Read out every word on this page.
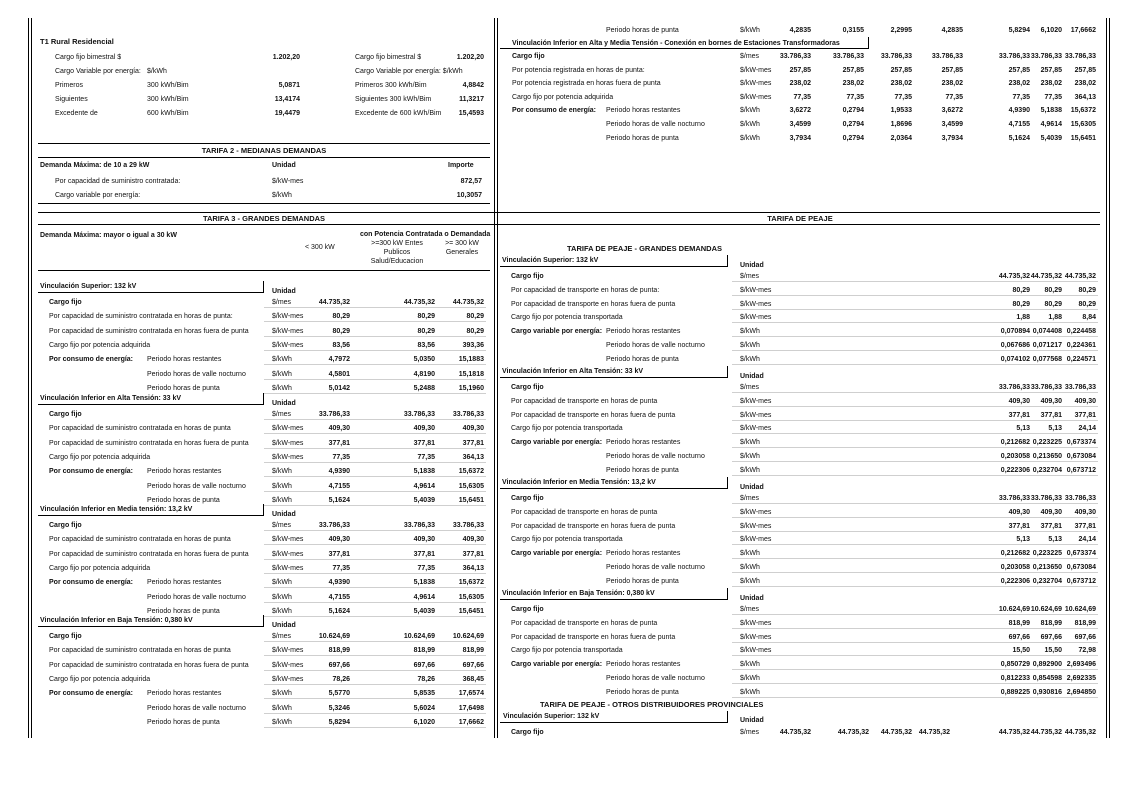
T1 Rural Residencial
Cargo fijo bimestral $	1.202,20
Cargo Variable por energía: $/kWh
Primeros	300 kWh/Bim	5,0871
Siguientes	300 kWh/Bim	13,4174
Excedente de	600 kWh/Bim	19,4479
Cargo fijo bimestral $	1.202,20
Cargo Variable por energía: $/kWh
Primeros 300 kWh/Bim	4,8842
Siguientes 300 kWh/Bim	11,3217
Excedente de 600 kWh/Bim	15,4593
TARIFA 2 - MEDIANAS DEMANDAS
Demanda Máxima: de 10 a 29 kW	Unidad	Importe
Por capacidad de suministro contratada:	$/kW-mes	872,57
Cargo variable por energía:	$/kWh	10,3057
TARIFA 3 - GRANDES DEMANDAS
Demanda Máxima: mayor o igual a 30 kW	con Potencia Contratada o Demandada
< 300 kW
>=300 kW Entes Publicos Salud/Educacion
>= 300 kW Generales
Vinculación Superior: 132 kV
Unidad
Cargo fijo	$/mes	44.735,32	44.735,32	44.735,32
Por capacidad de suministro contratada en horas de punta:	$/kW-mes	80,29	80,29	80,29
Por capacidad de suministro contratada en horas fuera de punta	$/kW-mes	80,29	80,29	80,29
Cargo fijo por potencia adquirida	$/kW-mes	83,56	83,56	393,36
Por consumo de energía: Periodo horas restantes	$/kWh	4,7972	5,0350	15,1883
Periodo horas de valle nocturno	$/kWh	4,5801	4,8190	15,1818
Periodo horas de punta	$/kWh	5,0142	5,2488	15,1960
Vinculación Inferior en Alta Tensión: 33 kV
Unidad
Cargo fijo	$/mes	33.786,33	33.786,33	33.786,33
Por capacidad de suministro contratada en horas de punta	$/kW-mes	409,30	409,30	409,30
Por capacidad de suministro contratada en horas fuera de punta	$/kW-mes	377,81	377,81	377,81
Cargo fijo por potencia adquirida	$/kW-mes	77,35	77,35	364,13
Por consumo de energía: Periodo horas restantes	$/kWh	4,9390	5,1838	15,6372
Periodo horas de valle nocturno	$/kWh	4,7155	4,9614	15,6305
Periodo horas de punta	$/kWh	5,1624	5,4039	15,6451
Vinculación Inferior en Media tensión: 13,2 kV
Unidad
Cargo fijo	$/mes	33.786,33	33.786,33	33.786,33
Por capacidad de suministro contratada en horas de punta	$/kW-mes	409,30	409,30	409,30
Por capacidad de suministro contratada en horas fuera de punta	$/kW-mes	377,81	377,81	377,81
Cargo fijo por potencia adquirida	$/kW-mes	77,35	77,35	364,13
Por consumo de energía: Periodo horas restantes	$/kWh	4,9390	5,1838	15,6372
Periodo horas de valle nocturno	$/kWh	4,7155	4,9614	15,6305
Periodo horas de punta	$/kWh	5,1624	5,4039	15,6451
Vinculación Inferior en Baja Tensión: 0,380 kV
Unidad
Cargo fijo	$/mes	10.624,69	10.624,69	10.624,69
Por capacidad de suministro contratada en horas de punta	$/kW-mes	818,99	818,99	818,99
Por capacidad de suministro contratada en horas fuera de punta	$/kW-mes	697,66	697,66	697,66
Cargo fijo por potencia adquirida	$/kW-mes	78,26	78,26	368,45
Por consumo de energía: Periodo horas restantes	$/kWh	5,5770	5,8535	17,6574
Periodo horas de valle nocturno	$/kWh	5,3246	5,6024	17,6498
Periodo horas de punta	$/kWh	5,8294	6,1020	17,6662
Periodo horas de punta	$/kWh	4,2835	0,3155	2,2995	4,2835	5,8294	6,1020	17,6662
Vinculación Inferior en Alta y Media Tensión - Conexión en bornes de Estaciones Transformadoras
Cargo fijo	$/mes	33.786,33	33.786,33	33.786,33	33.786,33	33.786,33 33.786,33 33.786,33
Por potencia registrada en horas de punta:	$/kW-mes	257,85	257,85	257,85	257,85	257,85	257,85	257,85
Por potencia registrada en horas fuera de punta	$/kW-mes	238,02	238,02	238,02	238,02	238,02	238,02	238,02
Cargo fijo por potencia adquirida	$/kW-mes	77,35	77,35	77,35	77,35	77,35	77,35	364,13
Por consumo de energía: Periodo horas restantes	$/kWh	3,6272	0,2794	1,9533	3,6272	4,9390	5,1838	15,6372
Periodo horas de valle nocturno	$/kWh	3,4599	0,2794	1,8696	3,4599	4,7155	4,9614	15,6305
Periodo horas de punta	$/kWh	3,7934	0,2794	2,0364	3,7934	5,1624	5,4039	15,6451
TARIFA DE PEAJE
TARIFA DE PEAJE - GRANDES DEMANDAS
Vinculación Superior: 132 kV
Unidad
Cargo fijo	$/mes	44.735,32 44.735,32 44.735,32
Por capacidad de transporte en horas de punta:	$/kW-mes	80,29	80,29	80,29
Por capacidad de transporte en horas fuera de punta	$/kW-mes	80,29	80,29	80,29
Cargo fijo por potencia transportada	$/kW-mes	1,88	1,88	8,84
Cargo variable por energía: Periodo horas restantes	$/kWh	0,070894 0,074408 0,224458
Periodo horas de valle nocturno	$/kWh	0,067686 0,071217 0,224361
Periodo horas de punta	$/kWh	0,074102 0,077568 0,224571
Vinculación Inferior en Alta Tensión: 33 kV
Unidad
Cargo fijo	$/mes	33.786,33 33.786,33 33.786,33
Por capacidad de transporte en horas de punta	$/kW-mes	409,30	409,30	409,30
Por capacidad de transporte en horas fuera de punta	$/kW-mes	377,81	377,81	377,81
Cargo fijo por potencia transportada	$/kW-mes	5,13	5,13	24,14
Cargo variable por energía: Periodo horas restantes	$/kWh	0,212682 0,223225 0,673374
Periodo horas de valle nocturno	$/kWh	0,203058 0,213650 0,673084
Periodo horas de punta	$/kWh	0,222306 0,232704 0,673712
Vinculación Inferior en Media Tensión: 13,2 kV
Unidad
Cargo fijo	$/mes	33.786,33 33.786,33 33.786,33
Por capacidad de transporte en horas de punta	$/kW-mes	409,30	409,30	409,30
Por capacidad de transporte en horas fuera de punta	$/kW-mes	377,81	377,81	377,81
Cargo fijo por potencia transportada	$/kW-mes	5,13	5,13	24,14
Cargo variable por energía: Periodo horas restantes	$/kWh	0,212682 0,223225 0,673374
Periodo horas de valle nocturno	$/kWh	0,203058 0,213650 0,673084
Periodo horas de punta	$/kWh	0,222306 0,232704 0,673712
Vinculación Inferior en Baja Tensión: 0,380 kV
Unidad
Cargo fijo	$/mes	10.624,69 10.624,69 10.624,69
Por capacidad de transporte en horas de punta	$/kW-mes	818,99	818,99	818,99
Por capacidad de transporte en horas fuera de punta	$/kW-mes	697,66	697,66	697,66
Cargo fijo por potencia transportada	$/kW-mes	15,50	15,50	72,98
Cargo variable por energía: Periodo horas restantes	$/kWh	0,850729 0,892900 2,693496
Periodo horas de valle nocturno	$/kWh	0,812233 0,854598 2,692335
Periodo horas de punta	$/kWh	0,889225 0,930816 2,694850
TARIFA DE PEAJE - OTROS DISTRIBUIDORES PROVINCIALES
Vinculación Superior: 132 kV
Unidad
Cargo fijo	$/mes	44.735,32	44.735,32	44.735,32 44.735,32	44.735,32 44.735,32 44.735,32
